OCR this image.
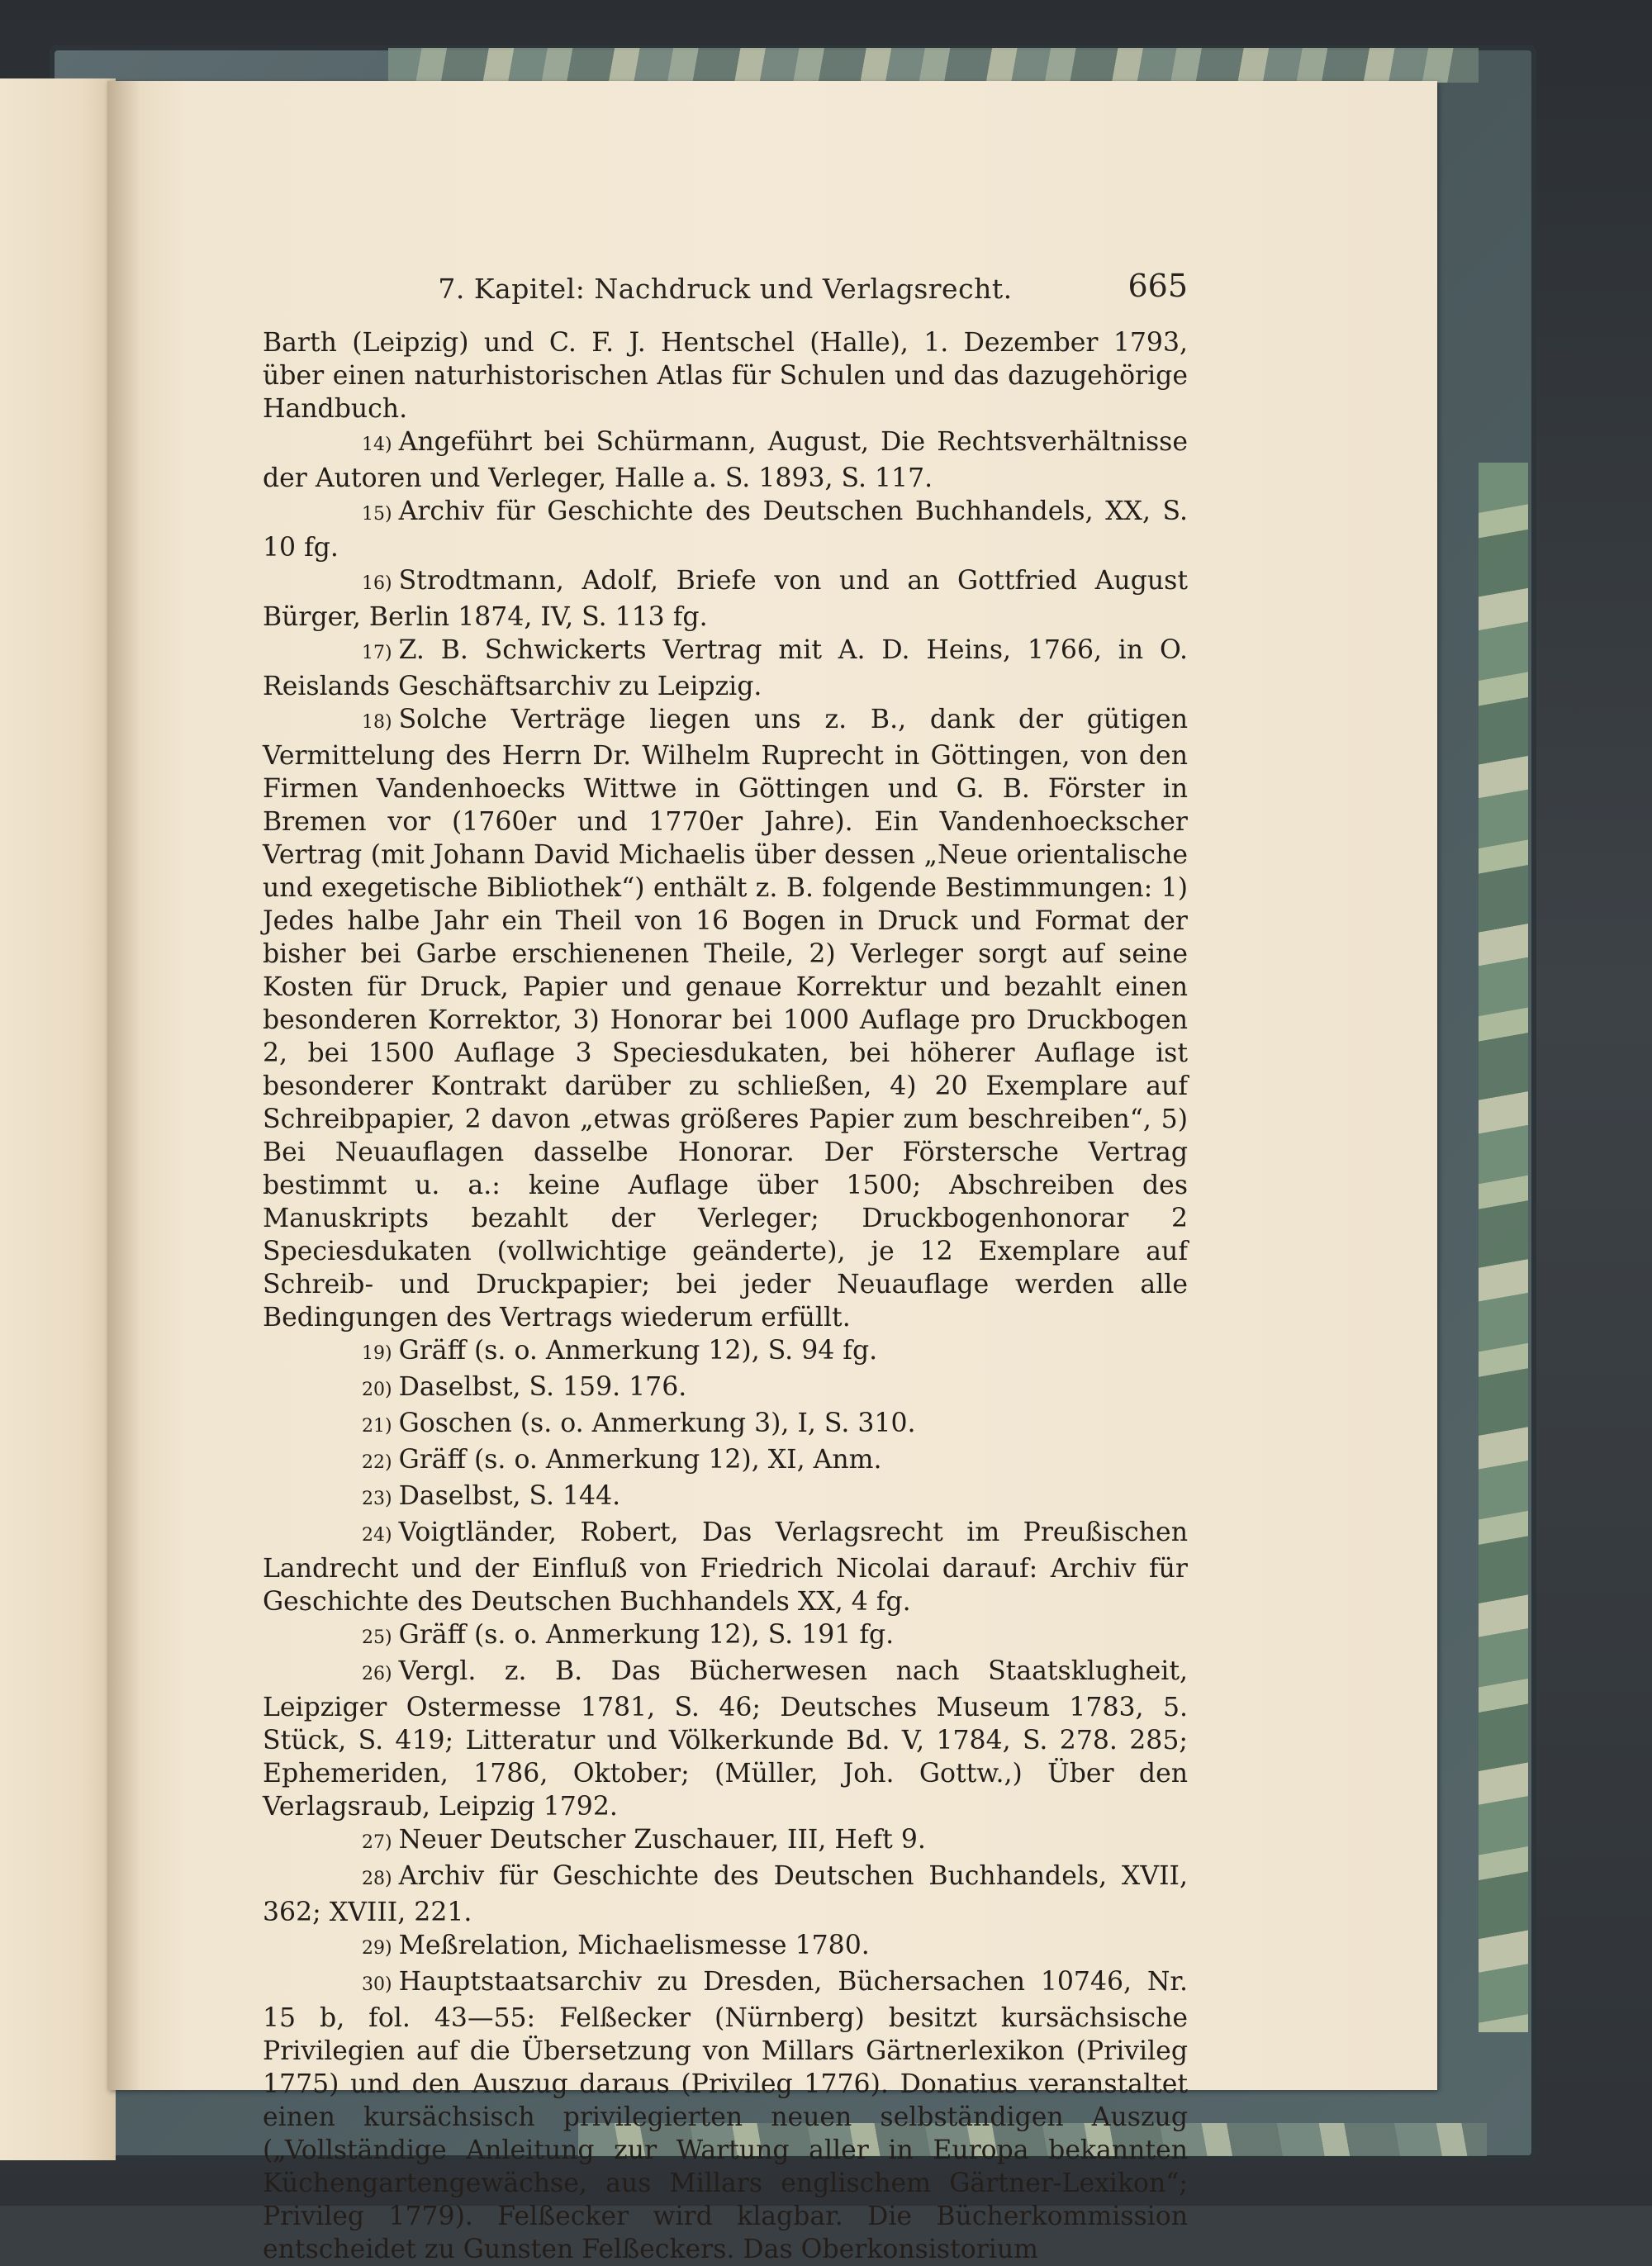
7. Kapitel: Nachdruck und Verlagsrecht.	665

Barth (Leipzig) und C. F. J. Hentschel (Halle), 1. Dezember 1793, über einen naturhistorischen Atlas für Schulen und das dazugehörige Handbuch.

14) Angeführt bei Schürmann, August, Die Rechtsverhältnisse der Autoren und Verleger, Halle a. S. 1893, S. 117.

15) Archiv für Geschichte des Deutschen Buchhandels, XX, S. 10 fg.

16) Strodtmann, Adolf, Briefe von und an Gottfried August Bürger, Berlin 1874, IV, S. 113 fg.

17) Z. B. Schwickerts Vertrag mit A. D. Heins, 1766, in O. Reislands Geschäftsarchiv zu Leipzig.

18) Solche Verträge liegen uns z. B., dank der gütigen Vermittelung des Herrn Dr. Wilhelm Ruprecht in Göttingen, von den Firmen Vandenhoecks Wittwe in Göttingen und G. B. Förster in Bremen vor (1760er und 1770er Jahre). Ein Vandenhoeckscher Vertrag (mit Johann David Michaelis über dessen „Neue orientalische und exegetische Bibliothek“) enthält z. B. folgende Bestimmungen: 1) Jedes halbe Jahr ein Theil von 16 Bogen in Druck und Format der bisher bei Garbe erschienenen Theile, 2) Verleger sorgt auf seine Kosten für Druck, Papier und genaue Korrektur und bezahlt einen besonderen Korrektor, 3) Honorar bei 1000 Auflage pro Druckbogen 2, bei 1500 Auflage 3 Speciesdukaten, bei höherer Auflage ist besonderer Kontrakt darüber zu schließen, 4) 20 Exemplare auf Schreibpapier, 2 davon „etwas größeres Papier zum beschreiben“, 5) Bei Neuauflagen dasselbe Honorar. Der Förstersche Vertrag bestimmt u. a.: keine Auflage über 1500; Abschreiben des Manuskripts bezahlt der Verleger; Druckbogenhonorar 2 Speciesdukaten (vollwichtige geänderte), je 12 Exemplare auf Schreib- und Druckpapier; bei jeder Neuauflage werden alle Bedingungen des Vertrags wiederum erfüllt.

19) Gräff (s. o. Anmerkung 12), S. 94 fg.

20) Daselbst, S. 159. 176.

21) Goschen (s. o. Anmerkung 3), I, S. 310.

22) Gräff (s. o. Anmerkung 12), XI, Anm.

23) Daselbst, S. 144.

24) Voigtländer, Robert, Das Verlagsrecht im Preußischen Landrecht und der Einfluß von Friedrich Nicolai darauf: Archiv für Geschichte des Deutschen Buchhandels XX, 4 fg.

25) Gräff (s. o. Anmerkung 12), S. 191 fg.

26) Vergl. z. B. Das Bücherwesen nach Staatsklugheit, Leipziger Ostermesse 1781, S. 46; Deutsches Museum 1783, 5. Stück, S. 419; Litteratur und Völkerkunde Bd. V, 1784, S. 278. 285; Ephemeriden, 1786, Oktober; (Müller, Joh. Gottw.,) Über den Verlagsraub, Leipzig 1792.

27) Neuer Deutscher Zuschauer, III, Heft 9.

28) Archiv für Geschichte des Deutschen Buchhandels, XVII, 362; XVIII, 221.

29) Meßrelation, Michaelismesse 1780.

30) Hauptstaatsarchiv zu Dresden, Büchersachen 10746, Nr. 15 b, fol. 43—55: Felßecker (Nürnberg) besitzt kursächsische Privilegien auf die Übersetzung von Millars Gärtnerlexikon (Privileg 1775) und den Auszug daraus (Privileg 1776). Donatius veranstaltet einen kursächsisch privilegierten neuen selbständigen Auszug („Vollständige Anleitung zur Wartung aller in Europa bekannten Küchengartengewächse, aus Millars englischem Gärtner-Lexikon“; Privileg 1779). Felßecker wird klagbar. Die Bücherkommission entscheidet zu Gunsten Felßeckers. Das Oberkonsistorium
